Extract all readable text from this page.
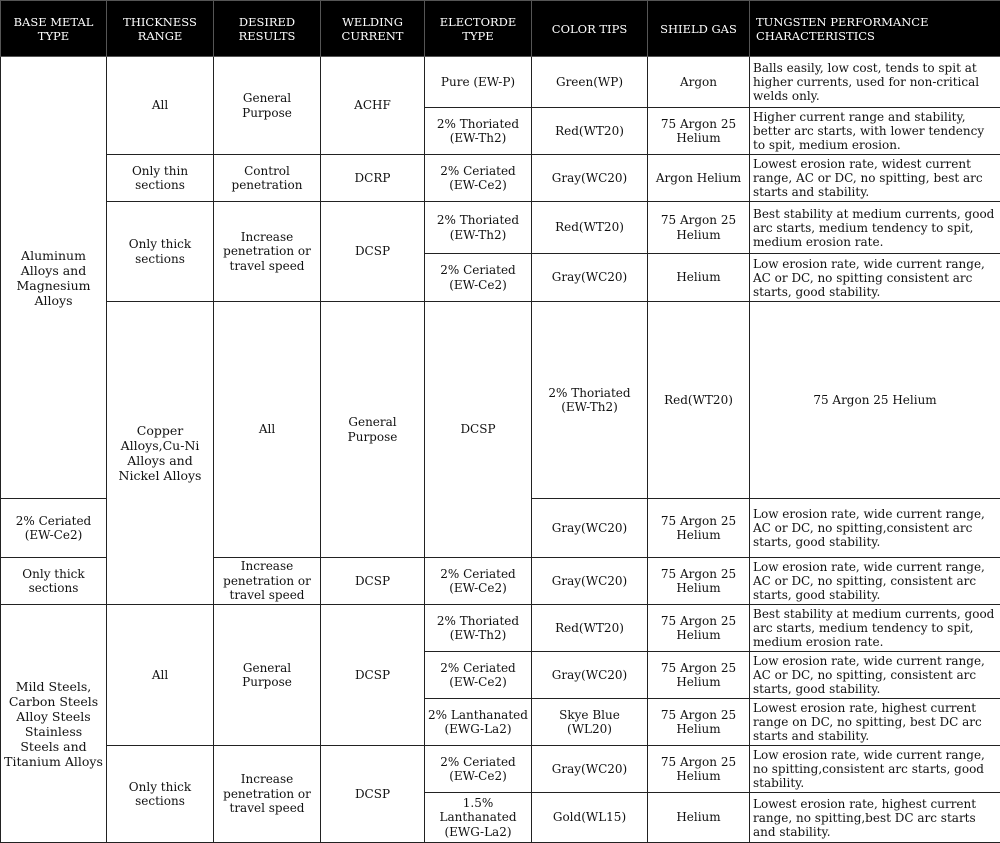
BASE METAL TYPE	THICKNESS RANGE	DESIRED RESULTS	WELDING CURRENT	ELECTORDE TYPE	COLOR TIPS	SHIELD GAS	TUNGSTEN PERFORMANCE CHARACTERISTICS	
Aluminum Alloys and Magnesium Alloys	All	General Purpose	ACHF	Pure (EW-P)	Green(WP)	Argon	Balls easily, low cost, tends to spit at higher currents, used for non-critical welds only.	
				2% Thoriated (EW-Th2)	Red(WT20)	75 Argon 25 Helium	Higher current range and stability, better arc starts, with lower tendency to spit, medium erosion.	
	Only thin sections	Control penetration	DCRP	2% Ceriated (EW-Ce2)	Gray(WC20)	Argon Helium	Lowest erosion rate, widest current range, AC or DC, no spitting, best arc starts and stability.	
	Only thick sections	Increase penetration or travel speed	DCSP	2% Thoriated (EW-Th2)	Red(WT20)	75 Argon 25 Helium	Best stability at medium currents, good arc starts, medium tendency to spit, medium erosion rate.	
				2% Ceriated (EW-Ce2)	Gray(WC20)	Helium	Low erosion rate, wide current range, AC or DC, no spitting consistent arc starts, good stability.	
	Copper Alloys,Cu-Ni Alloys and Nickel Alloys	All	General Purpose	DCSP	2% Thoriated (EW-Th2)	Red(WT20)	75 Argon 25 Helium	
2% Ceriated (EW-Ce2)					Gray(WC20)	75 Argon 25 Helium	Low erosion rate, wide current range, AC or DC, no spitting,consistent arc starts, good stability.	
Only thick sections		Increase penetration or travel speed	DCSP	2% Ceriated (EW-Ce2)	Gray(WC20)	75 Argon 25 Helium	Low erosion rate, wide current range, AC or DC, no spitting, consistent arc starts, good stability.	
Mild Steels, Carbon Steels Alloy Steels Stainless Steels and Titanium Alloys	All	General Purpose	DCSP	2% Thoriated (EW-Th2)	Red(WT20)	75 Argon 25 Helium	Best stability at medium currents, good arc starts, medium tendency to spit, medium erosion rate.	
				2% Ceriated (EW-Ce2)	Gray(WC20)	75 Argon 25 Helium	Low erosion rate, wide current range, AC or DC, no spitting, consistent arc starts, good stability.	
				2% Lanthanated (EWG-La2)	Skye Blue (WL20)	75 Argon 25 Helium	Lowest erosion rate, highest current range on DC, no spitting, best DC arc starts and stability.	
	Only thick sections	Increase penetration or travel speed	DCSP	2% Ceriated (EW-Ce2)	Gray(WC20)	75 Argon 25 Helium	Low erosion rate, wide current range, no spitting,consistent arc starts, good stability.	
				1.5% Lanthanated (EWG-La2)	Gold(WL15)	Helium	Lowest erosion rate, highest current range, no spitting,best DC arc starts and stability.	
